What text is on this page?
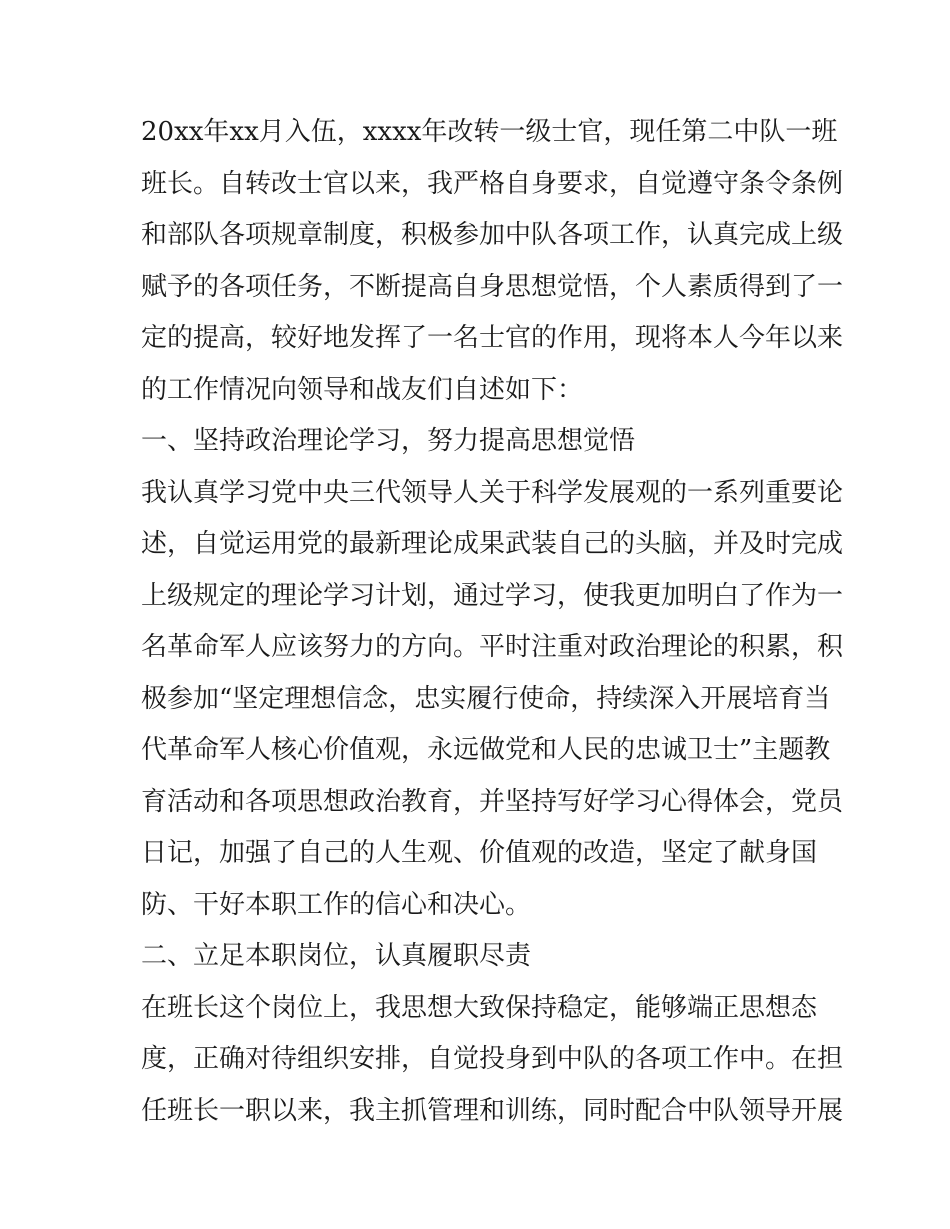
20xx年xx月入伍，xxxx年改转一级士官，现任第二中队一班
班长。自转改士官以来，我严格自身要求，自觉遵守条令条例
和部队各项规章制度，积极参加中队各项工作，认真完成上级
赋予的各项任务，不断提高自身思想觉悟，个人素质得到了一
定的提高，较好地发挥了一名士官的作用，现将本人今年以来
的工作情况向领导和战友们自述如下：
一、坚持政治理论学习，努力提高思想觉悟
我认真学习党中央三代领导人关于科学发展观的一系列重要论
述，自觉运用党的最新理论成果武装自己的头脑，并及时完成
上级规定的理论学习计划，通过学习，使我更加明白了作为一
名革命军人应该努力的方向。平时注重对政治理论的积累，积
极参加“坚定理想信念，忠实履行使命，持续深入开展培育当
代革命军人核心价值观，永远做党和人民的忠诚卫士”主题教
育活动和各项思想政治教育，并坚持写好学习心得体会，党员
日记，加强了自己的人生观、价值观的改造，坚定了献身国
防、干好本职工作的信心和决心。
二、立足本职岗位，认真履职尽责
在班长这个岗位上，我思想大致保持稳定，能够端正思想态
度，正确对待组织安排，自觉投身到中队的各项工作中。在担
任班长一职以来，我主抓管理和训练，同时配合中队领导开展
